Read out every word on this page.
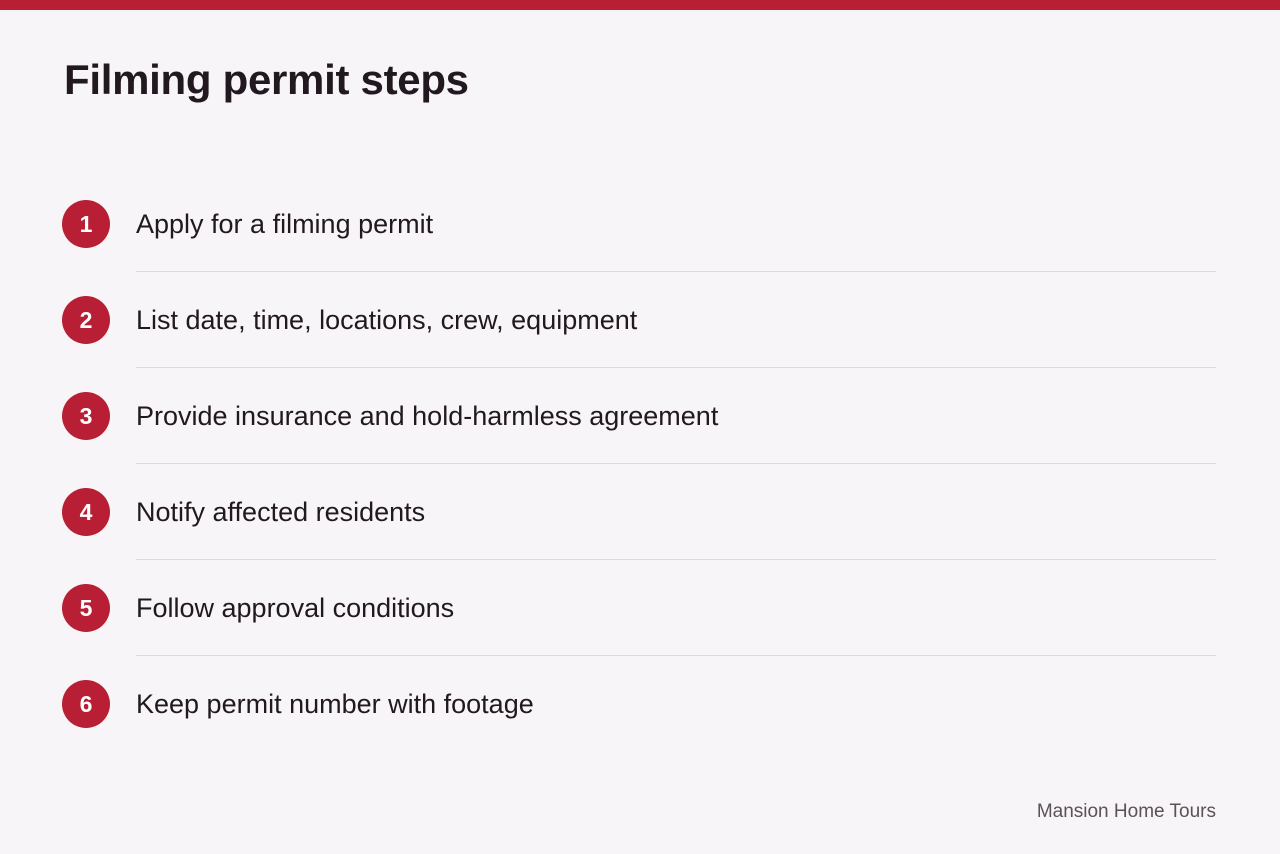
Filming permit steps
1	Apply for a filming permit
2	List date, time, locations, crew, equipment
3	Provide insurance and hold-harmless agreement
4	Notify affected residents
5	Follow approval conditions
6	Keep permit number with footage
Mansion Home Tours
